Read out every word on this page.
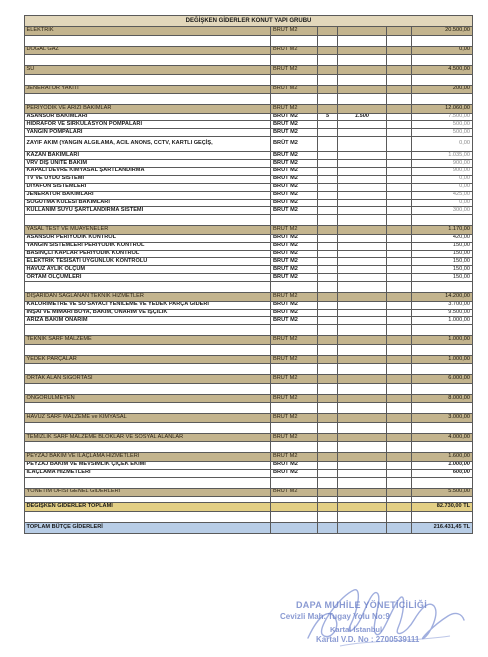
DEĞİŞKEN GİDERLER KONUT YAPI GRUBU					
ELEKTRİK	BRÜT M2				20.500,00

DOĞAL GAZ	BRÜT M2				0,00

SU	BRÜT M2				4.500,00

JENERATÖR YAKITI	BRÜT M2				200,00

PERİYODİK VE ARIZİ BAKIMLAR	BRÜT M2				12.060,00
ASANSÖR BAKIMLARI	BRÜT M2	5	1.500		7.500,00
HİDRAFOR VE SİRKÜLASYON POMPALARI	BRÜT M2				500,00
YANGIN POMPALARI	BRÜT M2				500,00
ZAYIF AKIM (YANGIN ALGILAMA, ACIL ANONS, CCTV, KARTLI GEÇİŞ,	BRÜT M2				0,00
KAZAN BAKIMLARI	BRÜT M2				1.035,00
VRV DIŞ ÜNİTE BAKIM	BRÜT M2				900,00
KAPALI DEVRE KİMYASAL ŞARTLANDIRMA	BRÜT M2				900,00
TV VE UYDU SİSTEMİ	BRÜT M2				0,00
DİYAFON SİSTEMLERİ	BRÜT M2				0,00
JENERATÖR BAKIMLARI	BRÜT M2				425,00
SOĞUTMA KULESİ BAKIMLARI	BRÜT M2				0,00
KULLANIM SUYU ŞARTLANDIRMA SİSTEMİ	BRÜT M2				300,00

YASAL TEST VE MUAYENELER	BRÜT M2				1.170,00
ASANSÖR PERİYODİK KONTROL	BRÜT M2				420,00
YANGIN SİSTEMLERİ PERİYODİK KONTROL	BRÜT M2				150,00
BASINÇLI KAPLAR PERİYODİK KONTROL	BRÜT M2				150,00
ELEKTRİK TESİSATI UYGUNLUK KONTROLÜ	BRÜT M2				150,00
HAVUZ AYLIK ÖLÇÜM	BRÜT M2				150,00
ORTAM ÖLÇÜMLERİ	BRÜT M2				150,00

DIŞARIDAN SAĞLANAN TEKNİK HİZMETLER	BRÜT M2				14.200,00
KALORİMETRE VE SU SAYACI YENİLEME VE YEDEK PARÇA GİDERİ	BRÜT M2				3.700,00
İNŞAİ VE MİMARİ BOYA, BAKIM, ONARIM VE İŞÇİLİK	BRÜT M2				9.500,00
ARIZA BAKIM ONARIM	BRÜT M2				1.000,00

TEKNİK SARF MALZEME	BRÜT M2				1.000,00

YEDEK PARÇALAR	BRÜT M2				1.000,00

ORTAK ALAN SİGORTASI	BRÜT M2				6.000,00

ÖNGÖRÜLMEYEN	BRÜT M2				8.000,00

HAVUZ SARF MALZEME ve KİMYASAL	BRÜT M2				3.000,00

TEMİZLİK SARF MALZEME BLOKLAR VE SOSYAL ALANLAR	BRÜT M2				4.000,00

PEYZAJ BAKIM VE İLAÇLAMA HİZMETLERİ	BRÜT M2				1.600,00
PEYZAJ BAKIM VE MEVSİMLİK ÇİÇEK EKİMİ	BRÜT M2				1.000,00
İLAÇLAMA HİZMETLERİ	BRÜT M2				600,00

YÖNETİM OFİSİ GENEL GİDERLERİ	BRÜT M2				5.500,00

DEĞİŞKEN GİDERLER TOPLAMI					82.730,00 TL

TOPLAM BÜTÇE GİDERLERİ					216.431,45 TL
DAPA MUHİLE YÖNETİCİLİĞİ
Cevizli Mah. Tugay Yolu No:9
Kartal İstanbul
Kartal V.D. No : 2700539111
